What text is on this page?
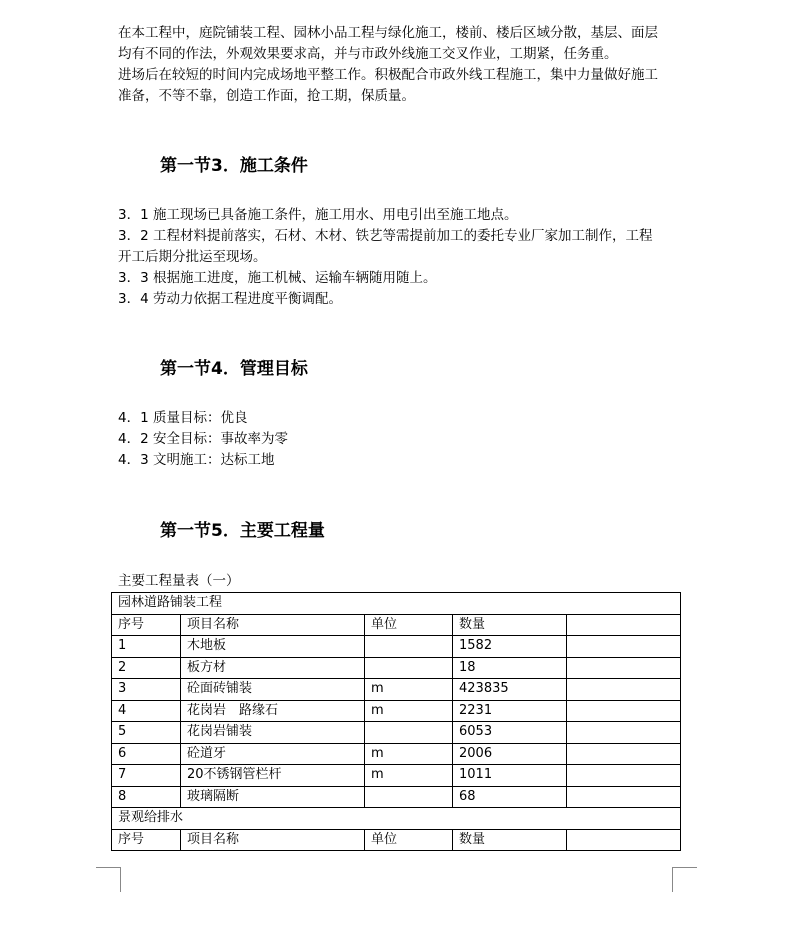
在本工程中，庭院铺装工程、园林小品工程与绿化施工，楼前、楼后区域分散，基层、面层
均有不同的作法，外观效果要求高，并与市政外线施工交叉作业，工期紧，任务重。
进场后在较短的时间内完成场地平整工作。积极配合市政外线工程施工，集中力量做好施工
准备，不等不靠，创造工作面，抢工期，保质量。
第一节3．施工条件
3．1 施工现场已具备施工条件，施工用水、用电引出至施工地点。
3．2 工程材料提前落实，石材、木材、铁艺等需提前加工的委托专业厂家加工制作，工程
开工后期分批运至现场。
3．3 根据施工进度，施工机械、运输车辆随用随上。
3．4 劳动力依据工程进度平衡调配。
第一节4．管理目标
4．1 质量目标：优良
4．2 安全目标：事故率为零
4．3 文明施工：达标工地
第一节5．主要工程量
主要工程量表（一）
园林道路铺装工程				
序号	项目名称	单位	数量	
1	木地板		1582	
2	板方材		18	
3	砼面砖铺装	m	423835	
4	花岗岩　路缘石	m	2231	
5	花岗岩铺装		6053	
6	砼道牙	m	2006	
7	20不锈钢管栏杆	m	1011	
8	玻璃隔断		68	
景观给排水				
序号	项目名称	单位	数量	
